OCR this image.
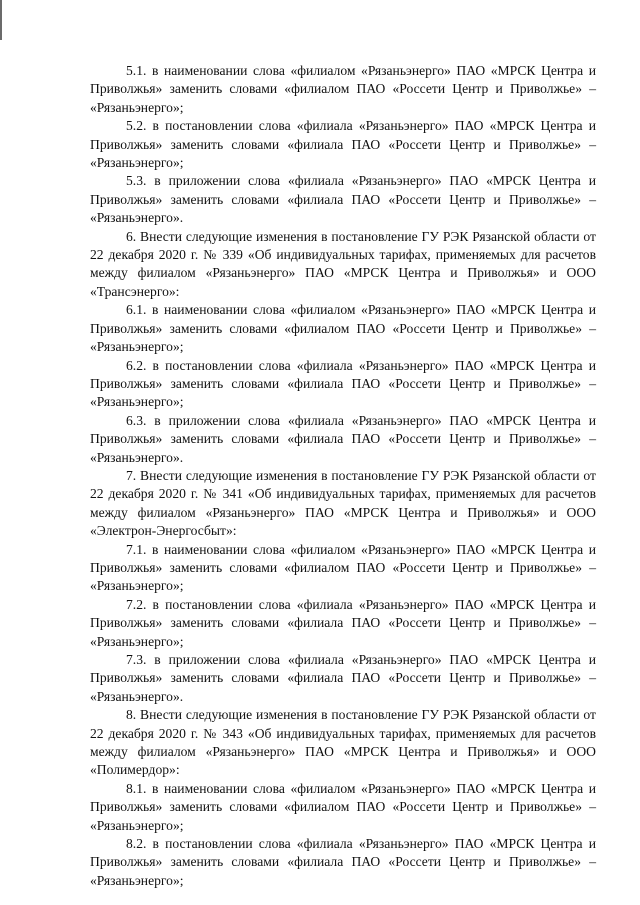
5.1. в наименовании слова «филиалом «Рязаньэнерго» ПАО «МРСК Центра и Приволжья» заменить словами «филиалом ПАО «Россети Центр и Приволжье» – «Рязаньэнерго»;

5.2. в постановлении слова «филиала «Рязаньэнерго» ПАО «МРСК Центра и Приволжья» заменить словами «филиала ПАО «Россети Центр и Приволжье» – «Рязаньэнерго»;

5.3. в приложении слова «филиала «Рязаньэнерго» ПАО «МРСК Центра и Приволжья» заменить словами «филиала ПАО «Россети Центр и Приволжье» – «Рязаньэнерго».

6. Внести следующие изменения в постановление ГУ РЭК Рязанской области от 22 декабря 2020 г. № 339 «Об индивидуальных тарифах, применяемых для расчетов между филиалом «Рязаньэнерго» ПАО «МРСК Центра и Приволжья» и ООО «Трансэнерго»:

6.1. в наименовании слова «филиалом «Рязаньэнерго» ПАО «МРСК Центра и Приволжья» заменить словами «филиалом ПАО «Россети Центр и Приволжье» – «Рязаньэнерго»;

6.2. в постановлении слова «филиала «Рязаньэнерго» ПАО «МРСК Центра и Приволжья» заменить словами «филиала ПАО «Россети Центр и Приволжье» – «Рязаньэнерго»;

6.3. в приложении слова «филиала «Рязаньэнерго» ПАО «МРСК Центра и Приволжья» заменить словами «филиала ПАО «Россети Центр и Приволжье» – «Рязаньэнерго».

7. Внести следующие изменения в постановление ГУ РЭК Рязанской области от 22 декабря 2020 г. № 341 «Об индивидуальных тарифах, применяемых для расчетов между филиалом «Рязаньэнерго» ПАО «МРСК Центра и Приволжья» и ООО «Электрон-Энергосбыт»:

7.1. в наименовании слова «филиалом «Рязаньэнерго» ПАО «МРСК Центра и Приволжья» заменить словами «филиалом ПАО «Россети Центр и Приволжье» – «Рязаньэнерго»;

7.2. в постановлении слова «филиала «Рязаньэнерго» ПАО «МРСК Центра и Приволжья» заменить словами «филиала ПАО «Россети Центр и Приволжье» – «Рязаньэнерго»;

7.3. в приложении слова «филиала «Рязаньэнерго» ПАО «МРСК Центра и Приволжья» заменить словами «филиала ПАО «Россети Центр и Приволжье» – «Рязаньэнерго».

8. Внести следующие изменения в постановление ГУ РЭК Рязанской области от 22 декабря 2020 г. № 343 «Об индивидуальных тарифах, применяемых для расчетов между филиалом «Рязаньэнерго» ПАО «МРСК Центра и Приволжья» и ООО «Полимердор»:

8.1. в наименовании слова «филиалом «Рязаньэнерго» ПАО «МРСК Центра и Приволжья» заменить словами «филиалом ПАО «Россети Центр и Приволжье» – «Рязаньэнерго»;

8.2. в постановлении слова «филиала «Рязаньэнерго» ПАО «МРСК Центра и Приволжья» заменить словами «филиала ПАО «Россети Центр и Приволжье» – «Рязаньэнерго»;
